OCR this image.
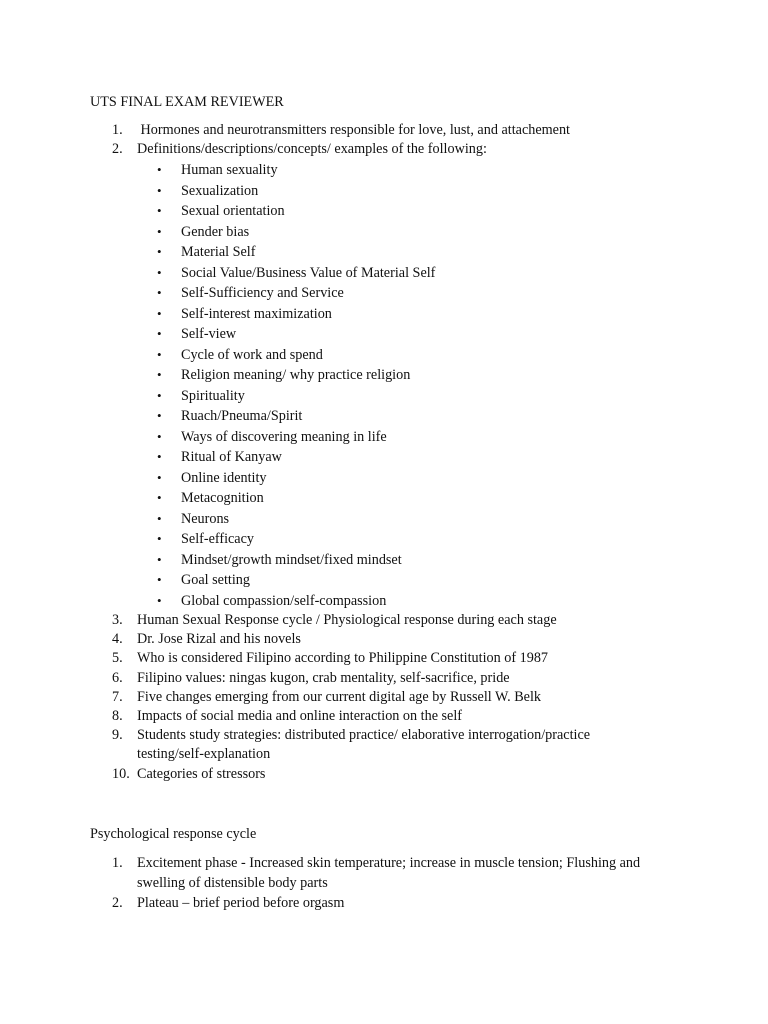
UTS FINAL EXAM REVIEWER
1. Hormones and neurotransmitters responsible for love, lust, and attachement
2. Definitions/descriptions/concepts/ examples of the following:
• Human sexuality
• Sexualization
• Sexual orientation
• Gender bias
• Material Self
• Social Value/Business Value of Material Self
• Self-Sufficiency and Service
• Self-interest maximization
• Self-view
• Cycle of work and spend
• Religion meaning/ why practice religion
• Spirituality
• Ruach/Pneuma/Spirit
• Ways of discovering meaning in life
• Ritual of Kanyaw
• Online identity
• Metacognition
• Neurons
• Self-efficacy
• Mindset/growth mindset/fixed mindset
• Goal setting
• Global compassion/self-compassion
3. Human Sexual Response cycle / Physiological response during each stage
4. Dr. Jose Rizal and his novels
5. Who is considered Filipino according to Philippine Constitution of 1987
6. Filipino values: ningas kugon, crab mentality, self-sacrifice, pride
7. Five changes emerging from our current digital age by Russell W. Belk
8. Impacts of social media and online interaction on the self
9. Students study strategies: distributed practice/ elaborative interrogation/practice testing/self-explanation
10. Categories of stressors
Psychological response cycle
1. Excitement phase - Increased skin temperature; increase in muscle tension; Flushing and swelling of distensible body parts
2. Plateau – brief period before orgasm
